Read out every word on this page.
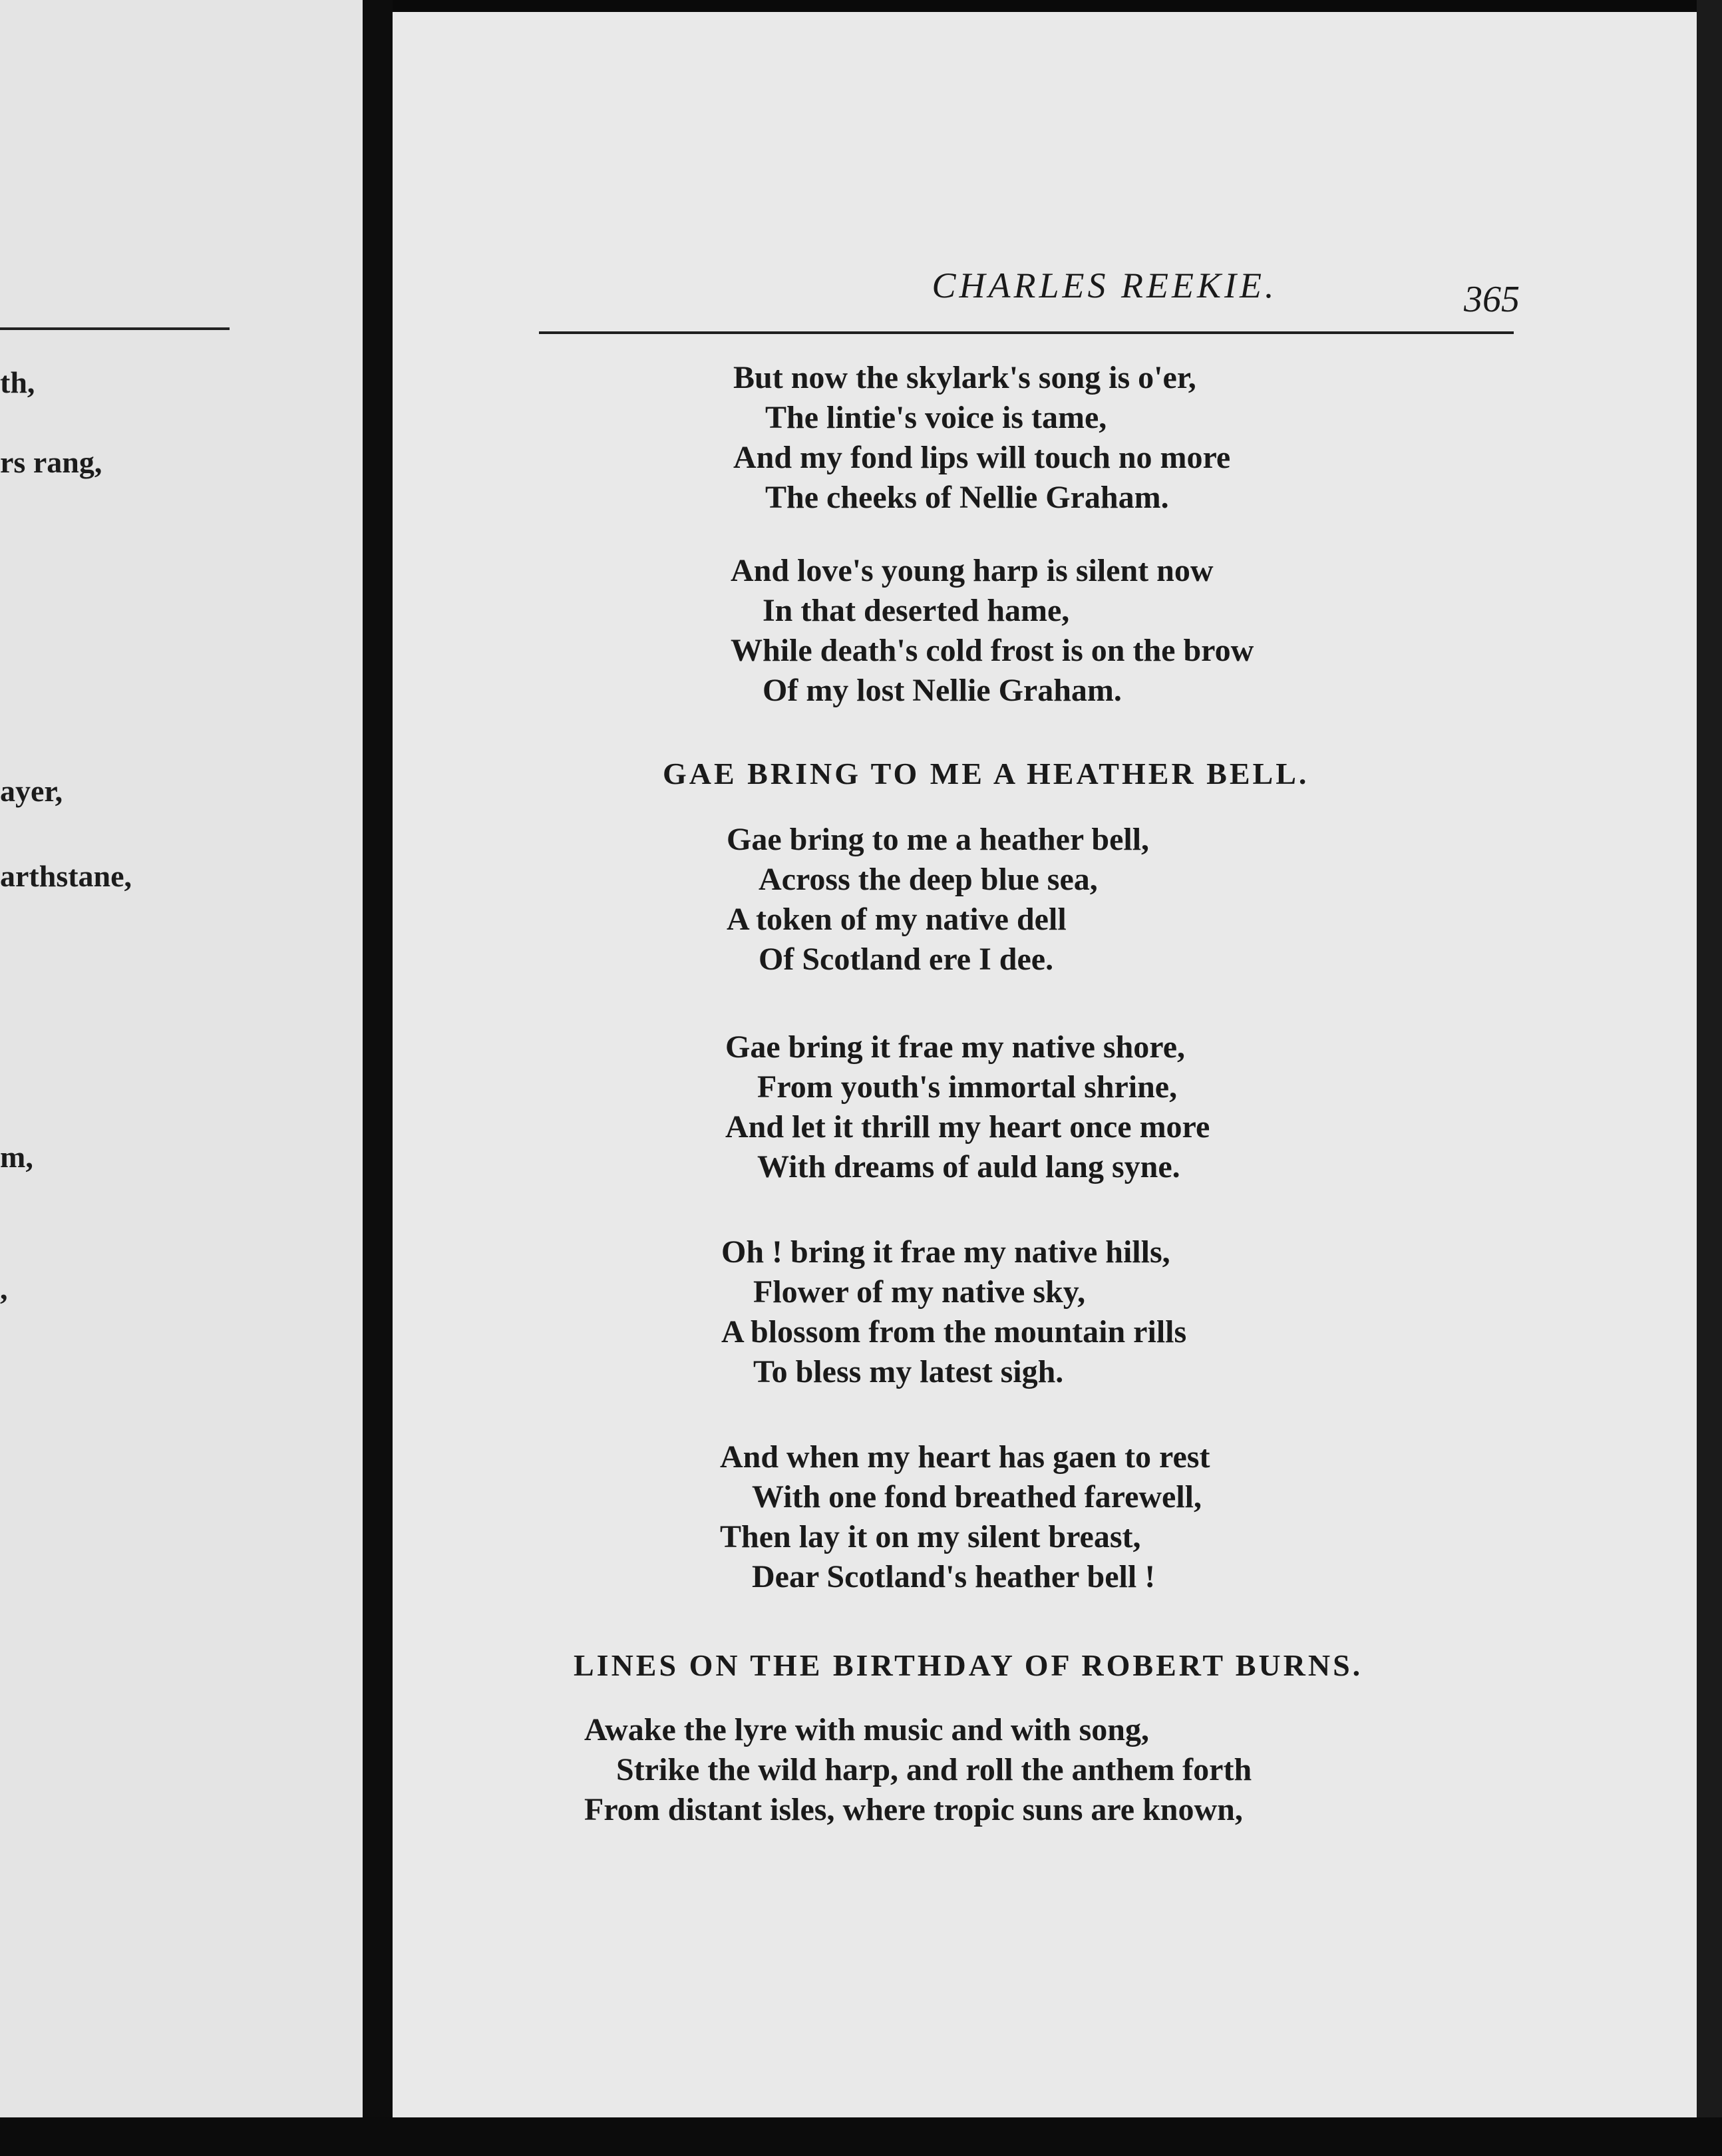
th,
rs rang,
ayer,
arthstane,
m,
,
CHARLES REEKIE.	365
But now the skylark's song is o'er,
The lintie's voice is tame,
And my fond lips will touch no more
The cheeks of Nellie Graham.
And love's young harp is silent now
In that deserted hame,
While death's cold frost is on the brow
Of my lost Nellie Graham.
GAE BRING TO ME A HEATHER BELL.
Gae bring to me a heather bell,
Across the deep blue sea,
A token of my native dell
Of Scotland ere I dee.
Gae bring it frae my native shore,
From youth's immortal shrine,
And let it thrill my heart once more
With dreams of auld lang syne.
Oh ! bring it frae my native hills,
Flower of my native sky,
A blossom from the mountain rills
To bless my latest sigh.
And when my heart has gaen to rest
With one fond breathed farewell,
Then lay it on my silent breast,
Dear Scotland's heather bell !
LINES ON THE BIRTHDAY OF ROBERT BURNS.
Awake the lyre with music and with song,
Strike the wild harp, and roll the anthem forth
From distant isles, where tropic suns are known,
